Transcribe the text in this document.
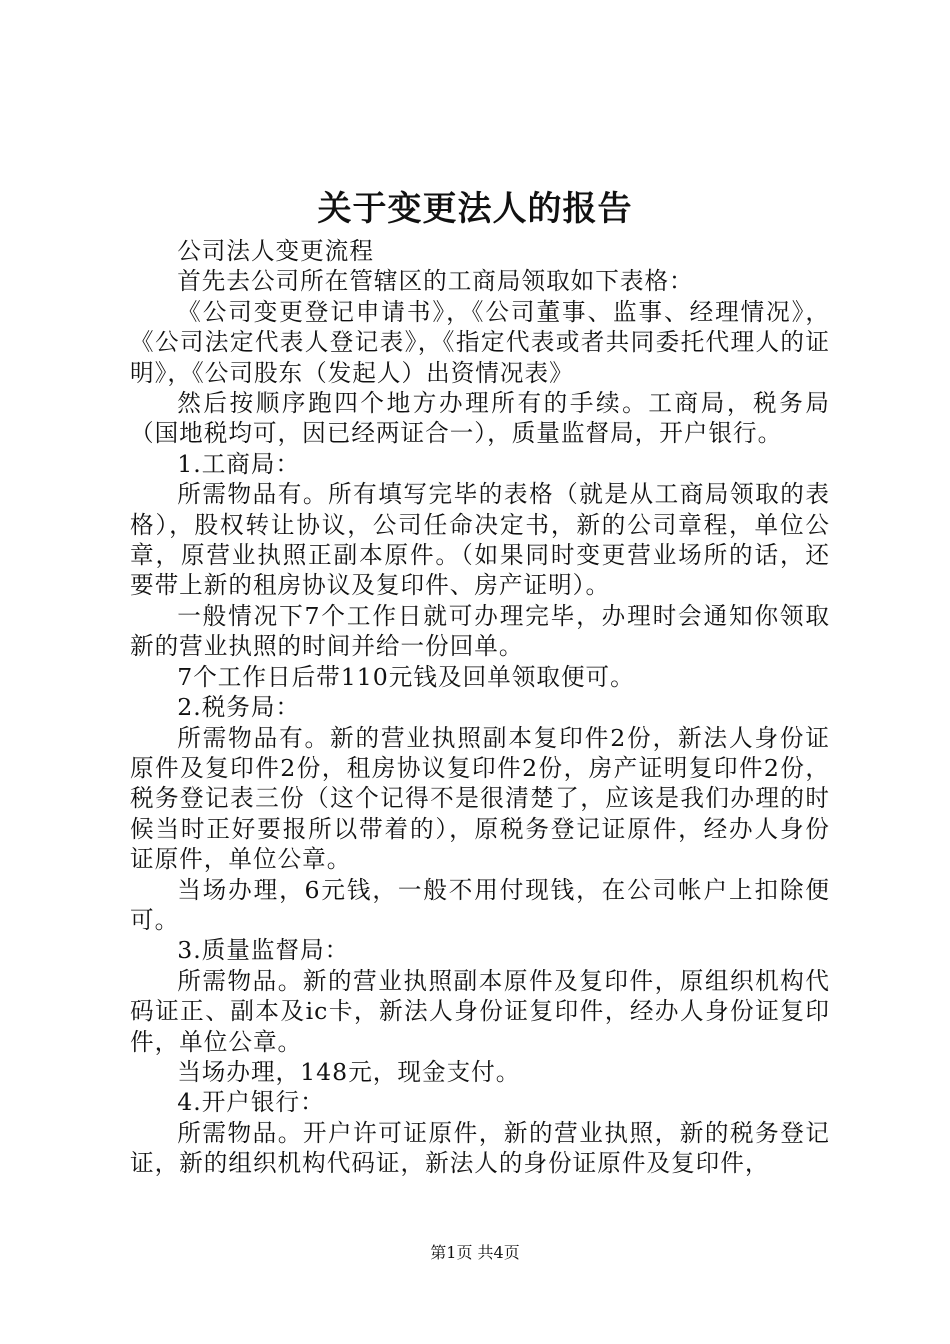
关于变更法人的报告

公司法人变更流程

首先去公司所在管辖区的工商局领取如下表格：

《公司变更登记申请书》，《公司董事、监事、经理情况》，《公司法定代表人登记表》，《指定代表或者共同委托代理人的证明》，《公司股东（发起人）出资情况表》

然后按顺序跑四个地方办理所有的手续。工商局，税务局（国地税均可，因已经两证合一），质量监督局，开户银行。

1.工商局：

所需物品有。所有填写完毕的表格（就是从工商局领取的表格），股权转让协议，公司任命决定书，新的公司章程，单位公章，原营业执照正副本原件。（如果同时变更营业场所的话，还要带上新的租房协议及复印件、房产证明）。

一般情况下7个工作日就可办理完毕，办理时会通知你领取新的营业执照的时间并给一份回单。

7个工作日后带110元钱及回单领取便可。

2.税务局：

所需物品有。新的营业执照副本复印件2份，新法人身份证原件及复印件2份，租房协议复印件2份，房产证明复印件2份，税务登记表三份（这个记得不是很清楚了，应该是我们办理的时候当时正好要报所以带着的），原税务登记证原件，经办人身份证原件，单位公章。

当场办理，6元钱，一般不用付现钱，在公司帐户上扣除便可。

3.质量监督局：

所需物品。新的营业执照副本原件及复印件，原组织机构代码证正、副本及ic卡，新法人身份证复印件，经办人身份证复印件，单位公章。

当场办理，148元，现金支付。

4.开户银行：

所需物品。开户许可证原件，新的营业执照，新的税务登记证，新的组织机构代码证，新法人的身份证原件及复印件，

第1页 共4页
